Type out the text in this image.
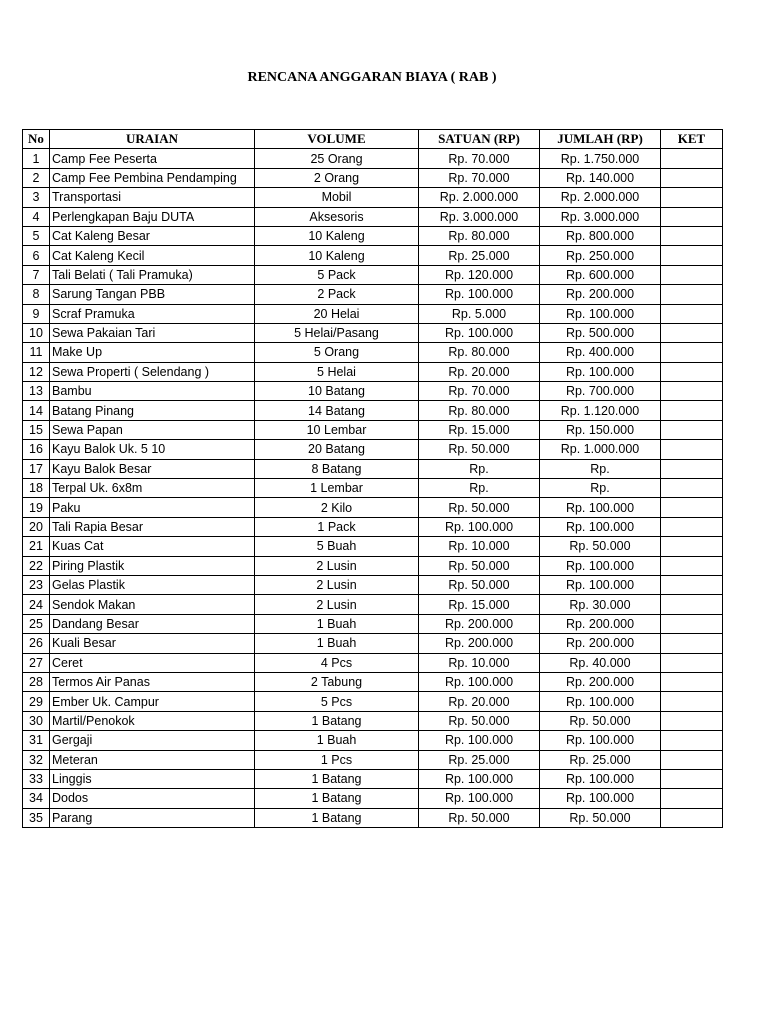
RENCANA ANGGARAN BIAYA ( RAB )
No	URAIAN	VOLUME	SATUAN (RP)	JUMLAH (RP)	KET
1	Camp Fee Peserta	25 Orang	Rp. 70.000	Rp. 1.750.000	
2	Camp Fee Pembina Pendamping	2 Orang	Rp. 70.000	Rp. 140.000	
3	Transportasi	Mobil	Rp. 2.000.000	Rp. 2.000.000	
4	Perlengkapan Baju DUTA	Aksesoris	Rp. 3.000.000	Rp. 3.000.000	
5	Cat Kaleng Besar	10 Kaleng	Rp. 80.000	Rp. 800.000	
6	Cat Kaleng Kecil	10 Kaleng	Rp. 25.000	Rp. 250.000	
7	Tali Belati ( Tali Pramuka)	5 Pack	Rp. 120.000	Rp. 600.000	
8	Sarung Tangan PBB	2 Pack	Rp. 100.000	Rp. 200.000	
9	Scraf Pramuka	20 Helai	Rp. 5.000	Rp. 100.000	
10	Sewa Pakaian Tari	5 Helai/Pasang	Rp. 100.000	Rp. 500.000	
11	Make Up	5 Orang	Rp. 80.000	Rp. 400.000	
12	Sewa Properti ( Selendang )	5 Helai	Rp. 20.000	Rp. 100.000	
13	Bambu	10 Batang	Rp. 70.000	Rp. 700.000	
14	Batang Pinang	14 Batang	Rp. 80.000	Rp. 1.120.000	
15	Sewa Papan	10 Lembar	Rp. 15.000	Rp. 150.000	
16	Kayu Balok Uk. 5 10	20 Batang	Rp. 50.000	Rp. 1.000.000	
17	Kayu Balok Besar	8 Batang	Rp.	Rp.	
18	Terpal Uk. 6x8m	1 Lembar	Rp.	Rp.	
19	Paku	2 Kilo	Rp. 50.000	Rp. 100.000	
20	Tali Rapia Besar	1 Pack	Rp. 100.000	Rp. 100.000	
21	Kuas Cat	5 Buah	Rp. 10.000	Rp. 50.000	
22	Piring Plastik	2 Lusin	Rp. 50.000	Rp. 100.000	
23	Gelas Plastik	2 Lusin	Rp. 50.000	Rp. 100.000	
24	Sendok Makan	2 Lusin	Rp. 15.000	Rp. 30.000	
25	Dandang Besar	1 Buah	Rp. 200.000	Rp. 200.000	
26	Kuali Besar	1 Buah	Rp. 200.000	Rp. 200.000	
27	Ceret	4 Pcs	Rp. 10.000	Rp. 40.000	
28	Termos Air Panas	2 Tabung	Rp. 100.000	Rp. 200.000	
29	Ember Uk. Campur	5 Pcs	Rp. 20.000	Rp. 100.000	
30	Martil/Penokok	1 Batang	Rp. 50.000	Rp. 50.000	
31	Gergaji	1 Buah	Rp. 100.000	Rp. 100.000	
32	Meteran	1 Pcs	Rp. 25.000	Rp. 25.000	
33	Linggis	1 Batang	Rp. 100.000	Rp. 100.000	
34	Dodos	1 Batang	Rp. 100.000	Rp. 100.000	
35	Parang	1 Batang	Rp. 50.000	Rp. 50.000	
